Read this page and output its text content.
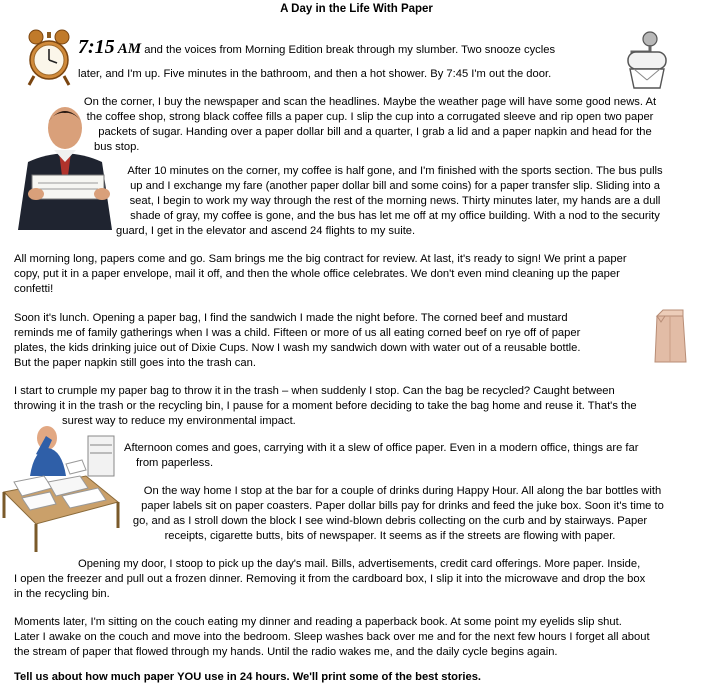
A Day in the Life With Paper

7:15 AM and the voices from Morning Edition break through my slumber. Two snooze cycles

later, and I'm up. Five minutes in the bathroom, and then a hot shower. By 7:45 I'm out the door.

On the corner, I buy the newspaper and scan the headlines. Maybe the weather page will have some good news. At

the coffee shop, strong black coffee fills a paper cup. I slip the cup into a corrugated sleeve and rip open two paper

packets of sugar. Handing over a paper dollar bill and a quarter, I grab a lid and a paper napkin and head for the

bus stop.

After 10 minutes on the corner, my coffee is half gone, and I'm finished with the sports section. The bus pulls

up and I exchange my fare (another paper dollar bill and some coins) for a paper transfer slip. Sliding into a

seat, I begin to work my way through the rest of the morning news. Thirty minutes later, my hands are a dull

shade of gray, my coffee is gone, and the bus has let me off at my office building. With a nod to the security

guard, I get in the elevator and ascend 24 flights to my suite.

All morning long, papers come and go. Sam brings me the big contract for review. At last, it's ready to sign! We print a paper

copy, put it in a paper envelope, mail it off, and then the whole office celebrates. We don't even mind cleaning up the paper

confetti!

Soon it's lunch. Opening a paper bag, I find the sandwich I made the night before. The corned beef and mustard

reminds me of family gatherings when I was a child. Fifteen or more of us all eating corned beef on rye off of paper

plates, the kids drinking juice out of Dixie Cups. Now I wash my sandwich down with water out of a reusable bottle.

But the paper napkin still goes into the trash can.

I start to crumple my paper bag to throw it in the trash – when suddenly I stop. Can the bag be recycled? Caught between

throwing it in the trash or the recycling bin, I pause for a moment before deciding to take the bag home and reuse it. That's the

surest way to reduce my environmental impact.

Afternoon comes and goes, carrying with it a slew of office paper. Even in a modern office, things are far

from paperless.

On the way home I stop at the bar for a couple of drinks during Happy Hour. All along the bar bottles with

paper labels sit on paper coasters. Paper dollar bills pay for drinks and feed the juke box. Soon it's time to

go, and as I stroll down the block I see wind-blown debris collecting on the curb and by stairways. Paper

receipts, cigarette butts, bits of newspaper. It seems as if the streets are flowing with paper.

Opening my door, I stoop to pick up the day's mail. Bills, advertisements, credit card offerings. More paper. Inside,

I open the freezer and pull out a frozen dinner. Removing it from the cardboard box, I slip it into the microwave and drop the box

in the recycling bin.

Moments later, I'm sitting on the couch eating my dinner and reading a paperback book. At some point my eyelids slip shut.

Later I awake on the couch and move into the bedroom. Sleep washes back over me and for the next few hours I forget all about

the stream of paper that flowed through my hands. Until the radio wakes me, and the daily cycle begins again.

Tell us about how much paper YOU use in 24 hours. We'll print some of the best stories.
